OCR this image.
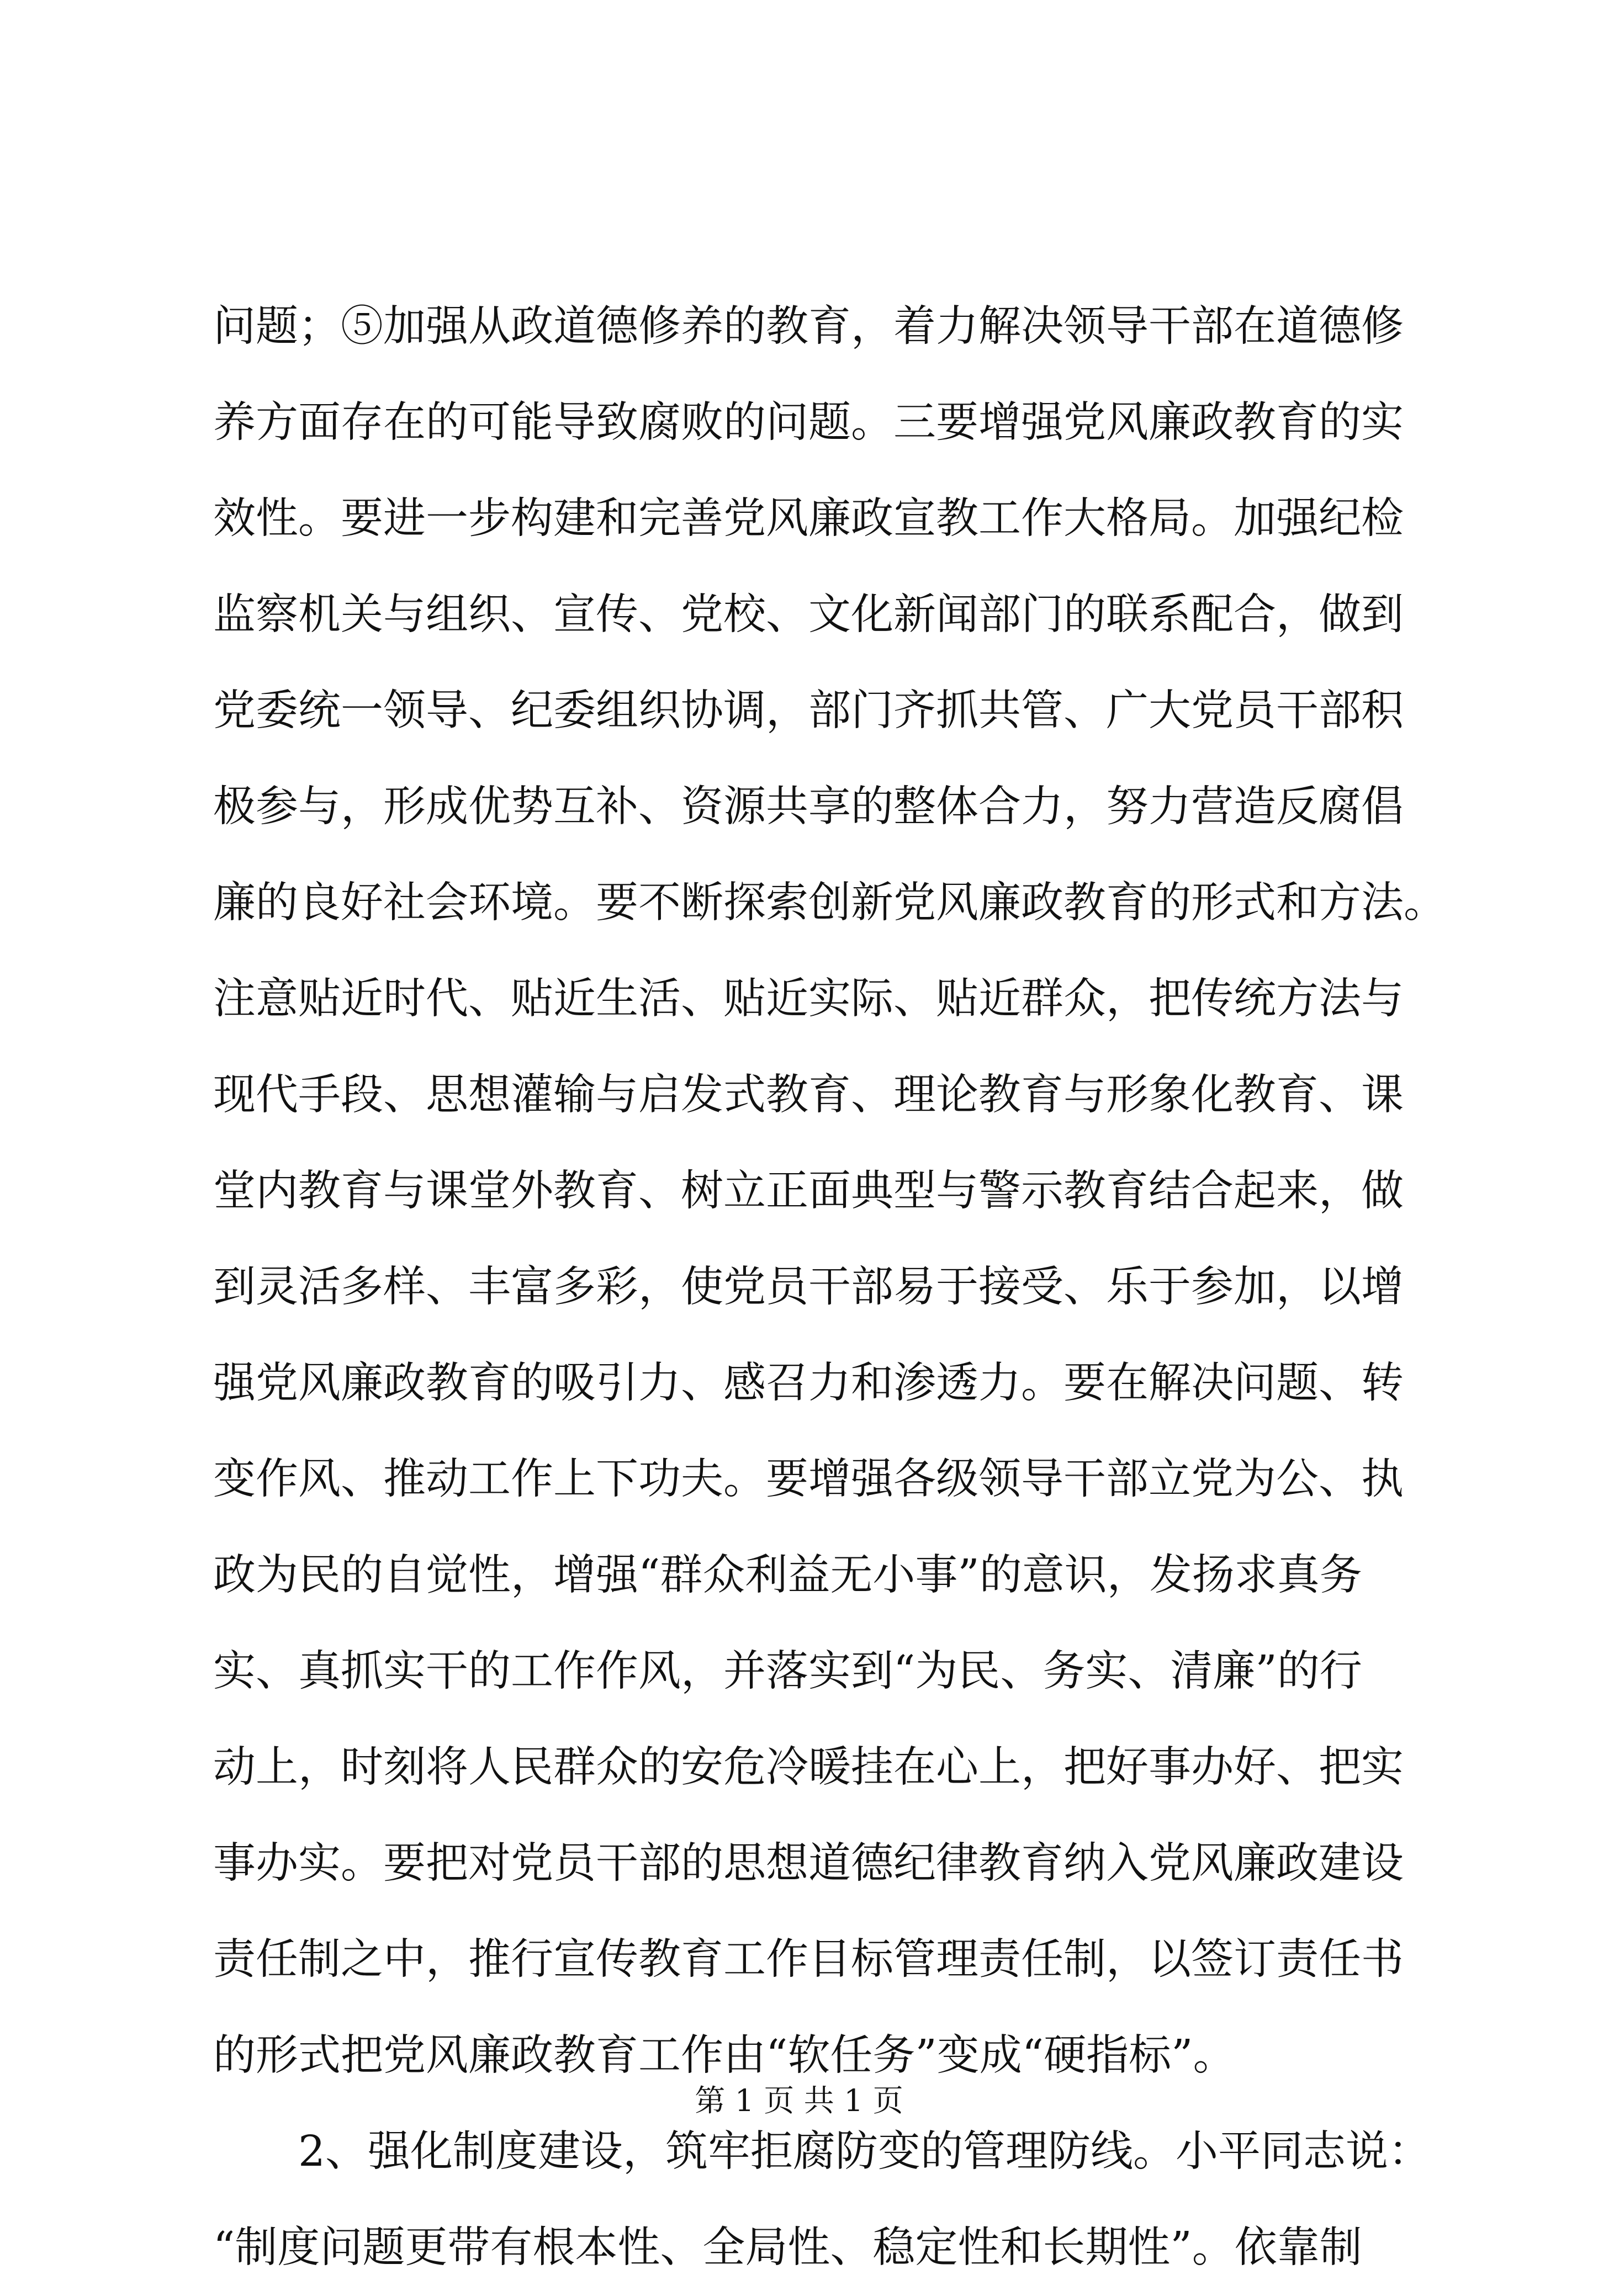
问题；⑤加强从政道德修养的教育，着力解决领导干部在道德修
养方面存在的可能导致腐败的问题。三要增强党风廉政教育的实
效性。要进一步构建和完善党风廉政宣教工作大格局。加强纪检
监察机关与组织、宣传、党校、文化新闻部门的联系配合，做到
党委统一领导、纪委组织协调，部门齐抓共管、广大党员干部积
极参与，形成优势互补、资源共享的整体合力，努力营造反腐倡
廉的良好社会环境。要不断探索创新党风廉政教育的形式和方法。
注意贴近时代、贴近生活、贴近实际、贴近群众，把传统方法与
现代手段、思想灌输与启发式教育、理论教育与形象化教育、课
堂内教育与课堂外教育、树立正面典型与警示教育结合起来，做
到灵活多样、丰富多彩，使党员干部易于接受、乐于参加，以增
强党风廉政教育的吸引力、感召力和渗透力。要在解决问题、转
变作风、推动工作上下功夫。要增强各级领导干部立党为公、执
政为民的自觉性，增强“群众利益无小事”的意识，发扬求真务
实、真抓实干的工作作风，并落实到“为民、务实、清廉”的行
动上，时刻将人民群众的安危冷暖挂在心上，把好事办好、把实
事办实。要把对党员干部的思想道德纪律教育纳入党风廉政建设
责任制之中，推行宣传教育工作目标管理责任制，以签订责任书
的形式把党风廉政教育工作由“软任务”变成“硬指标”。
　　2、强化制度建设，筑牢拒腐防变的管理防线。小平同志说：
“制度问题更带有根本性、全局性、稳定性和长期性”。依靠制
第 1 页 共 1 页
